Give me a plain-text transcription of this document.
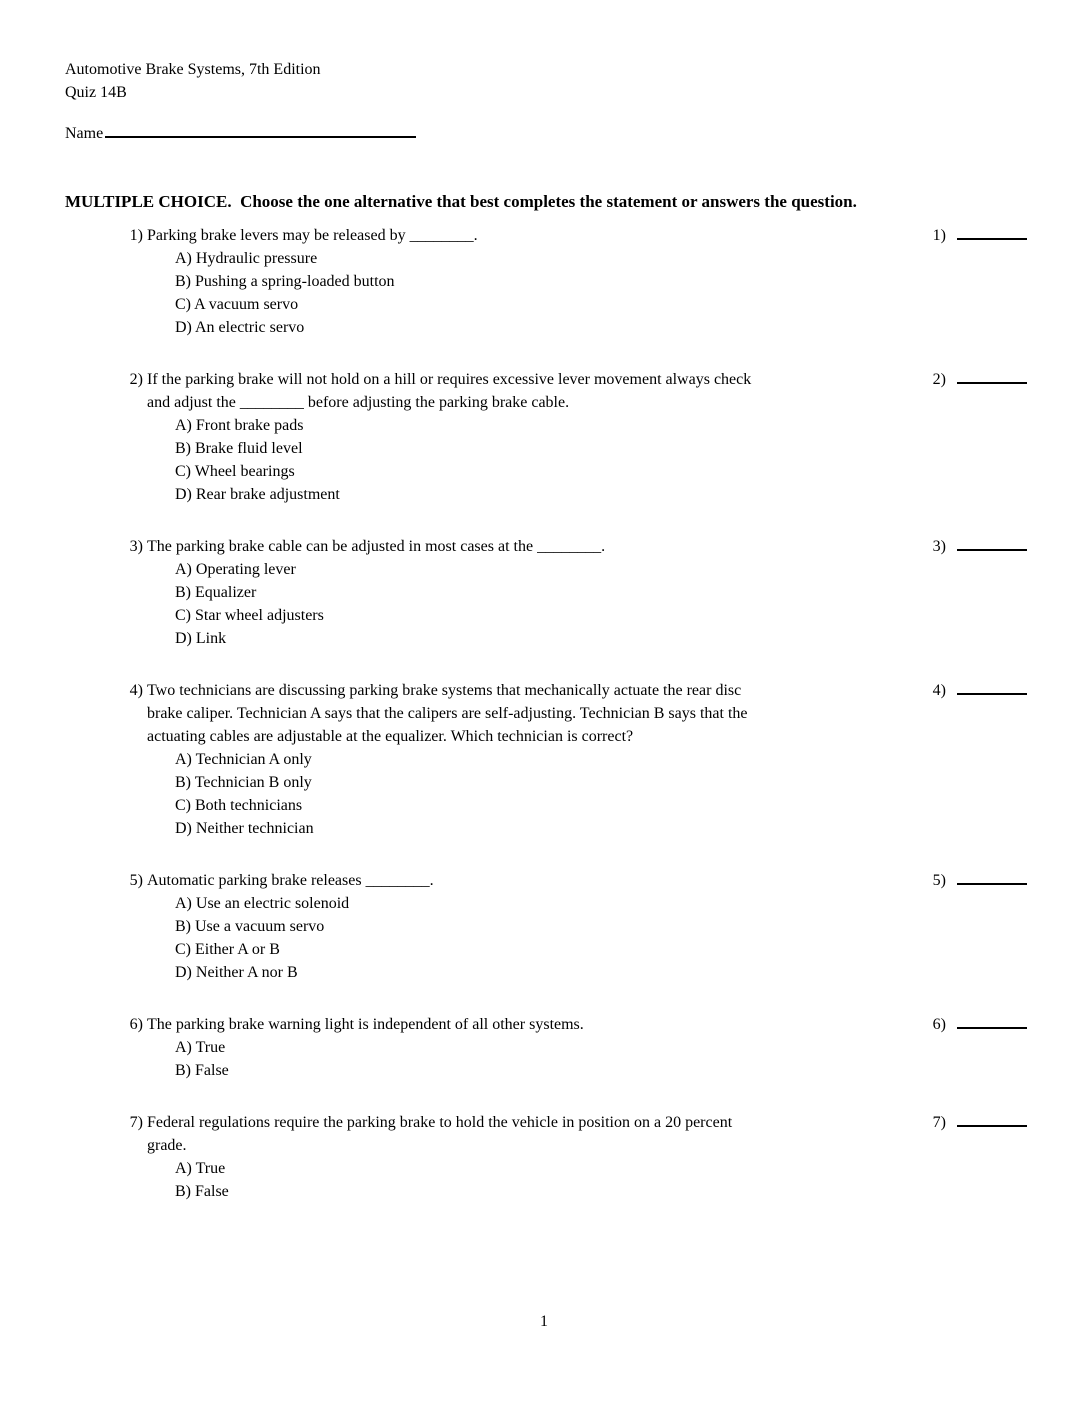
Automotive Brake Systems, 7th Edition
Quiz 14B
Name
MULTIPLE CHOICE.  Choose the one alternative that best completes the statement or answers the question.
1) Parking brake levers may be released by ________.
A) Hydraulic pressure
B) Pushing a spring-loaded button
C) A vacuum servo
D) An electric servo
1)
2) If the parking brake will not hold on a hill or requires excessive lever movement always check
and adjust the ________ before adjusting the parking brake cable.
A) Front brake pads
B) Brake fluid level
C) Wheel bearings
D) Rear brake adjustment
2)
3) The parking brake cable can be adjusted in most cases at the ________.
A) Operating lever
B) Equalizer
C) Star wheel adjusters
D) Link
3)
4) Two technicians are discussing parking brake systems that mechanically actuate the rear disc
brake caliper. Technician A says that the calipers are self-adjusting. Technician B says that the
actuating cables are adjustable at the equalizer. Which technician is correct?
A) Technician A only
B) Technician B only
C) Both technicians
D) Neither technician
4)
5) Automatic parking brake releases ________.
A) Use an electric solenoid
B) Use a vacuum servo
C) Either A or B
D) Neither A nor B
5)
6) The parking brake warning light is independent of all other systems.
A) True
B) False
6)
7) Federal regulations require the parking brake to hold the vehicle in position on a 20 percent
grade.
A) True
B) False
7)
1
